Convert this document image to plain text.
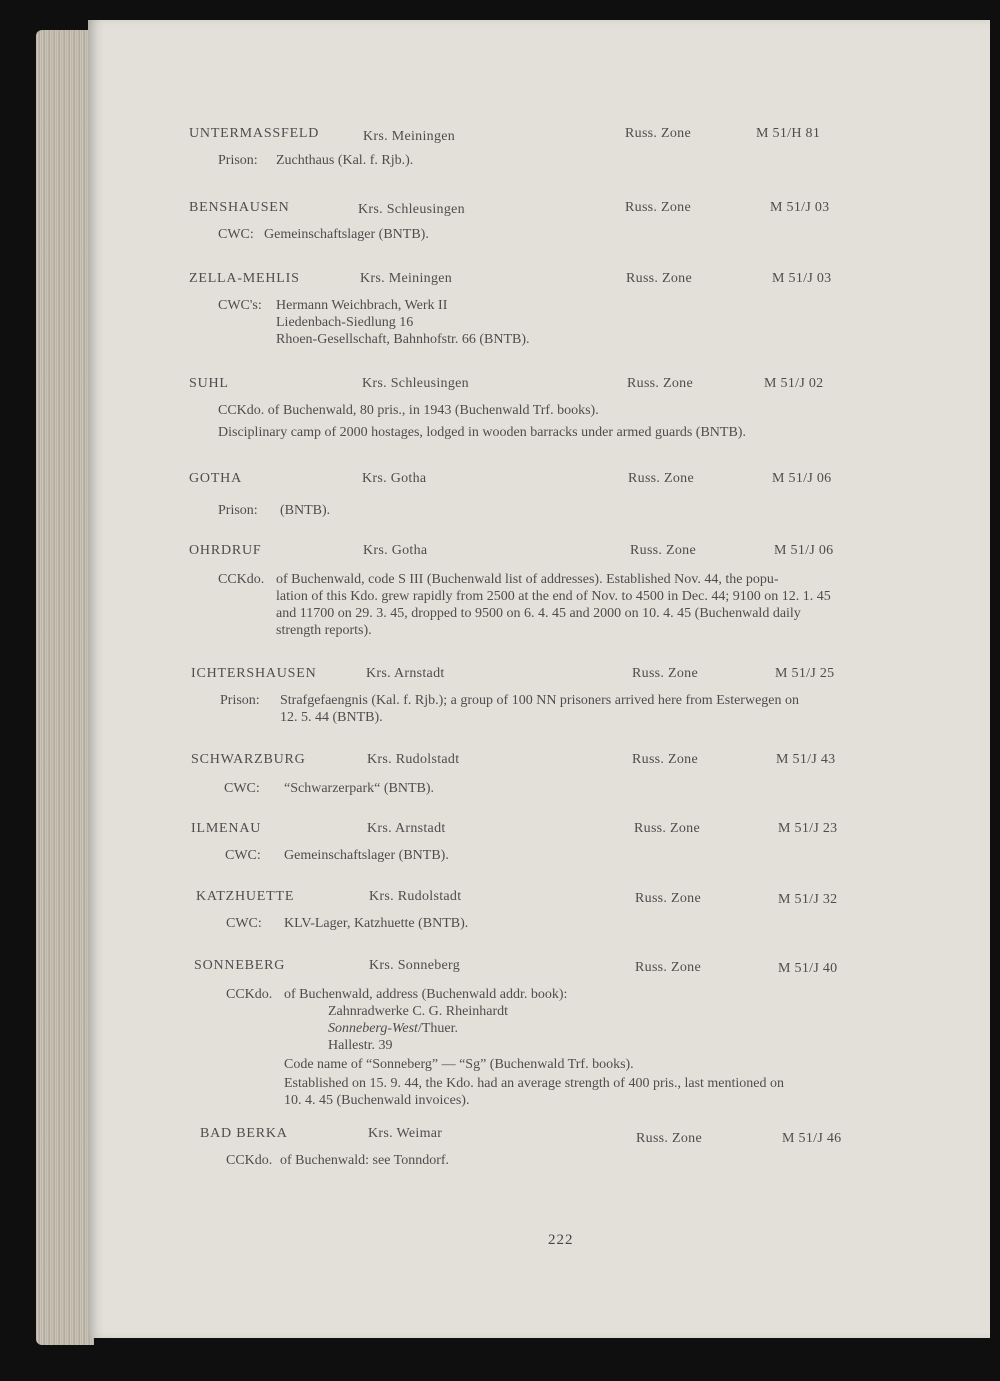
UNTERMASSFELD	Krs. Meiningen	Russ. Zone	M 51/H 81
Prison: Zuchthaus (Kal. f. Rjb.).
BENSHAUSEN	Krs. Schleusingen	Russ. Zone	M 51/J 03
CWC: Gemeinschaftslager (BNTB).
ZELLA-MEHLIS	Krs. Meiningen	Russ. Zone	M 51/J 03
CWC's: Hermann Weichbrach, Werk II
Liedenbach-Siedlung 16
Rhoen-Gesellschaft, Bahnhofstr. 66 (BNTB).
SUHL	Krs. Schleusingen	Russ. Zone	M 51/J 02
CCKdo. of Buchenwald, 80 pris., in 1943 (Buchenwald Trf. books).
Disciplinary camp of 2000 hostages, lodged in wooden barracks under armed guards (BNTB).
GOTHA	Krs. Gotha	Russ. Zone	M 51/J 06
Prison: (BNTB).
OHRDRUF	Krs. Gotha	Russ. Zone	M 51/J 06
CCKdo. of Buchenwald, code S III (Buchenwald list of addresses). Established Nov. 44, the popu-
lation of this Kdo. grew rapidly from 2500 at the end of Nov. to 4500 in Dec. 44; 9100 on 12. 1. 45
and 11700 on 29. 3. 45, dropped to 9500 on 6. 4. 45 and 2000 on 10. 4. 45 (Buchenwald daily
strength reports).
ICHTERSHAUSEN	Krs. Arnstadt	Russ. Zone	M 51/J 25
Prison: Strafgefaengnis (Kal. f. Rjb.); a group of 100 NN prisoners arrived here from Esterwegen on
12. 5. 44 (BNTB).
SCHWARZBURG	Krs. Rudolstadt	Russ. Zone	M 51/J 43
CWC: “Schwarzerpark“ (BNTB).
ILMENAU	Krs. Arnstadt	Russ. Zone	M 51/J 23
CWC: Gemeinschaftslager (BNTB).
KATZHUETTE	Krs. Rudolstadt	Russ. Zone	M 51/J 32
CWC: KLV-Lager, Katzhuette (BNTB).
SONNEBERG	Krs. Sonneberg	Russ. Zone	M 51/J 40
CCKdo. of Buchenwald, address (Buchenwald addr. book):
Zahnradwerke C. G. Rheinhardt
Sonneberg-West/Thuer.
Hallestr. 39
Code name of “Sonneberg” — “Sg” (Buchenwald Trf. books).
Established on 15. 9. 44, the Kdo. had an average strength of 400 pris., last mentioned on
10. 4. 45 (Buchenwald invoices).
BAD BERKA	Krs. Weimar	Russ. Zone	M 51/J 46
CCKdo. of Buchenwald: see Tonndorf.
222
